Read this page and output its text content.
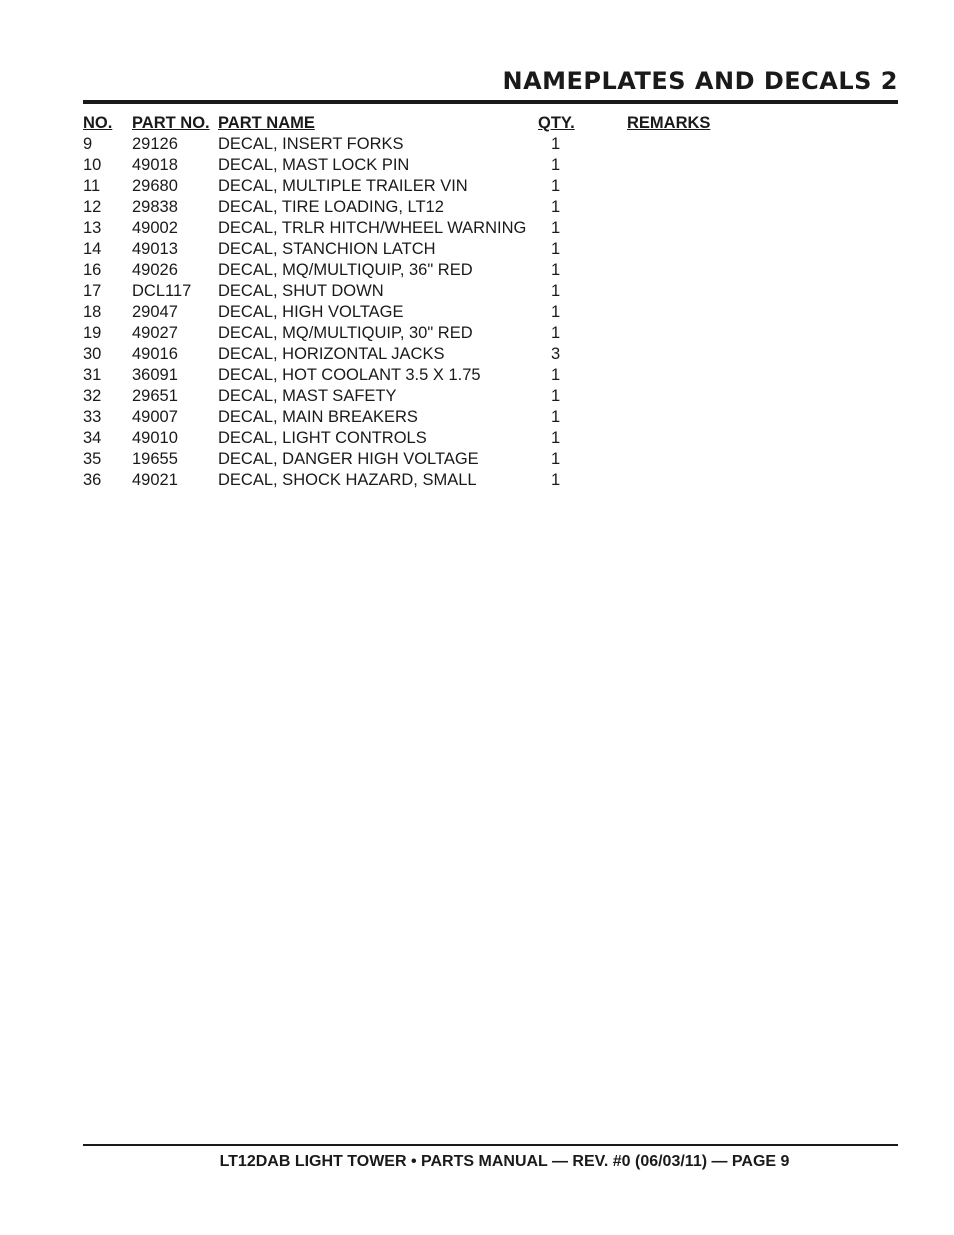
NAMEPLATES AND DECALS 2
NO.	PART NO.	PART NAME	QTY.	REMARKS
9	29126	DECAL, INSERT FORKS	1	
10	49018	DECAL, MAST LOCK PIN	1	
11	29680	DECAL, MULTIPLE TRAILER VIN	1	
12	29838	DECAL, TIRE LOADING, LT12	1	
13	49002	DECAL, TRLR HITCH/WHEEL WARNING	1	
14	49013	DECAL, STANCHION LATCH	1	
16	49026	DECAL, MQ/MULTIQUIP, 36" RED	1	
17	DCL117	DECAL, SHUT DOWN	1	
18	29047	DECAL, HIGH VOLTAGE	1	
19	49027	DECAL, MQ/MULTIQUIP, 30" RED	1	
30	49016	DECAL, HORIZONTAL JACKS	3	
31	36091	DECAL, HOT COOLANT 3.5 X 1.75	1	
32	29651	DECAL, MAST SAFETY	1	
33	49007	DECAL, MAIN BREAKERS	1	
34	49010	DECAL, LIGHT CONTROLS	1	
35	19655	DECAL, DANGER HIGH VOLTAGE	1	
36	49021	DECAL, SHOCK HAZARD, SMALL	1	
LT12DAB LIGHT TOWER • PARTS MANUAL — REV. #0 (06/03/11) — PAGE 9
